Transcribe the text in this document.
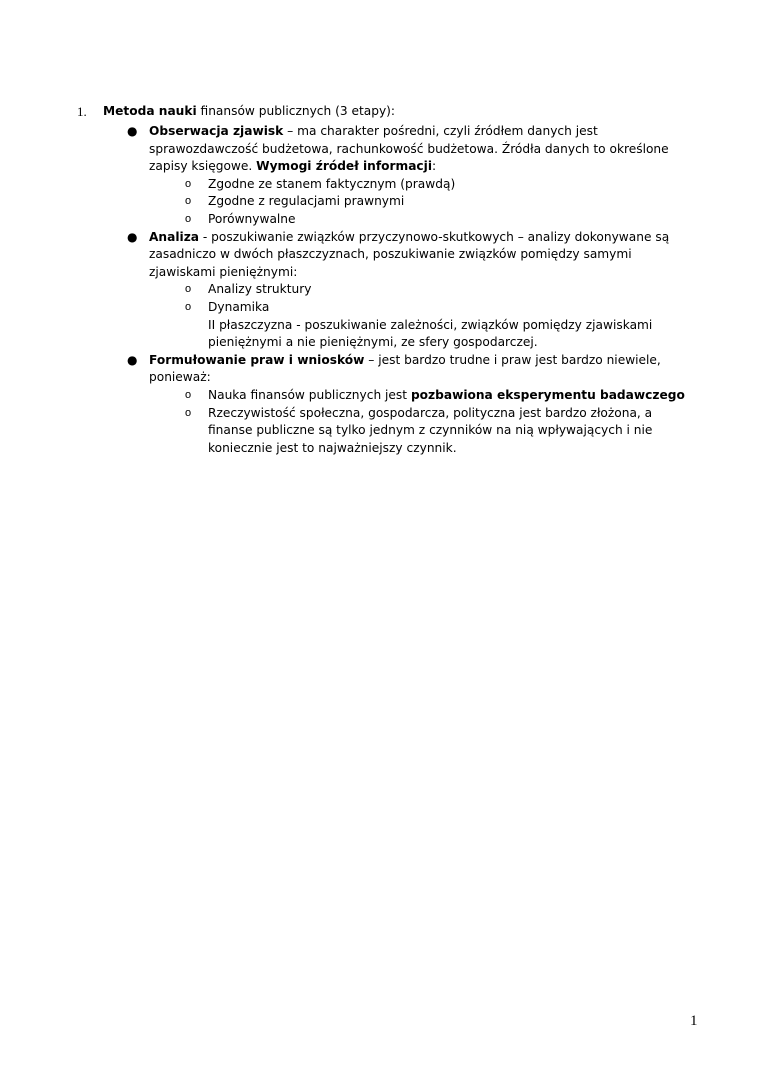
1. Metoda nauki finansów publicznych (3 etapy):
● Obserwacja zjawisk – ma charakter pośredni, czyli źródłem danych jest sprawozdawczość budżetowa, rachunkowość budżetowa. Źródła danych to określone zapisy księgowe. Wymogi źródeł informacji:

o Zgodne ze stanem faktycznym (prawdą)

o Zgodne z regulacjami prawnymi

o Porównywalne

● Analiza - poszukiwanie związków przyczynowo-skutkowych – analizy dokonywane są zasadniczo w dwóch płaszczyznach, poszukiwanie związków pomiędzy samymi zjawiskami pieniężnymi:

o Analizy struktury

o Dynamika

II płaszczyzna - poszukiwanie zależności, związków pomiędzy zjawiskami pieniężnymi a nie pieniężnymi, ze sfery gospodarczej.

● Formułowanie praw i wniosków – jest bardzo trudne i praw jest bardzo niewiele, ponieważ:

o Nauka finansów publicznych jest pozbawiona eksperymentu badawczego

o Rzeczywistość społeczna, gospodarcza, polityczna jest bardzo złożona, a finanse publiczne są tylko jednym z czynników na nią wpływających i nie koniecznie jest to najważniejszy czynnik.

1
